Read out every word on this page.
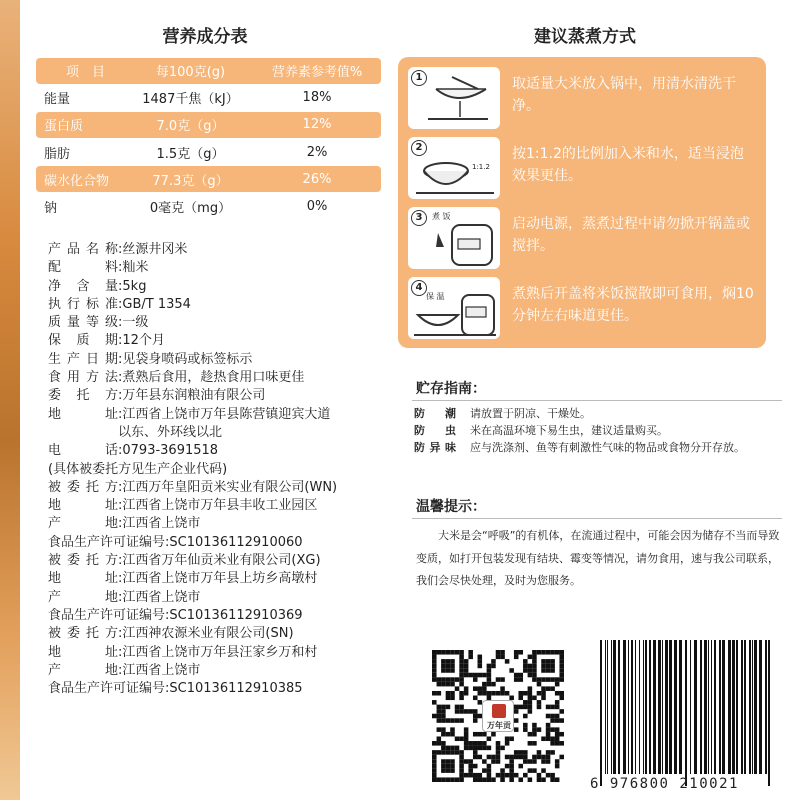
营养成分表
项　目	每100克(g)	营养素参考值%
能量	1487千焦（kJ）	18%
蛋白质	7.0克（g）	12%
脂肪	1.5克（g）	2%
碳水化合物	77.3克（g）	26%
钠	0毫克（mg）	0%
产品名称:丝源井冈米
配　料:籼米
净 含 量:5kg
执行标准:GB/T 1354
质量等级:一级
保　质　期:12个月
生产日期:见袋身喷码或标签标示
食用方法:煮熟后食用，趁热食用口味更佳
委　托　方:万年县东润粮油有限公司
地　　址:江西省上饶市万年县陈营镇迎宾大道
以东、外环线以北
电　　话:0793-3691518
(具体被委托方见生产企业代码)
被委托方:江西万年皇阳贡米实业有限公司(WN)
地　　址:江西省上饶市万年县丰收工业园区
产　　地:江西省上饶市
食品生产许可证编号:SC10136112910060
被委托方:江西省万年仙贡米业有限公司(XG)
地　　址:江西省上饶市万年县上坊乡高墩村
产　　地:江西省上饶市
食品生产许可证编号:SC10136112910369
被委托方:江西神农源米业有限公司(SN)
地　　址:江西省上饶市万年县汪家乡万和村
产　　地:江西省上饶市
食品生产许可证编号:SC10136112910385
建议蒸煮方式
1	取适量大米放入锅中，用清水清洗干净。
1:1.2
2	按1:1.2的比例加入米和水，适当浸泡效果更佳。
煮 饭
3	启动电源，蒸煮过程中请勿掀开锅盖或搅拌。
保 温
4	煮熟后开盖将米饭搅散即可食用，焖10分钟左右味道更佳。
贮存指南：
防潮	请放置于阴凉、干燥处。
防虫	米在高温环境下易生虫，建议适量购买。
防异味	应与洗涤剂、鱼等有刺激性气味的物品或食物分开存放。
温馨提示：
大米是会“呼吸”的有机体，在流通过程中，可能会因为储存不当而导致变质，如打开包装发现有结块、霉变等情况，请勿食用，速与我公司联系，我们会尽快处理，及时为您服务。
万年贡
6 976800 210021
